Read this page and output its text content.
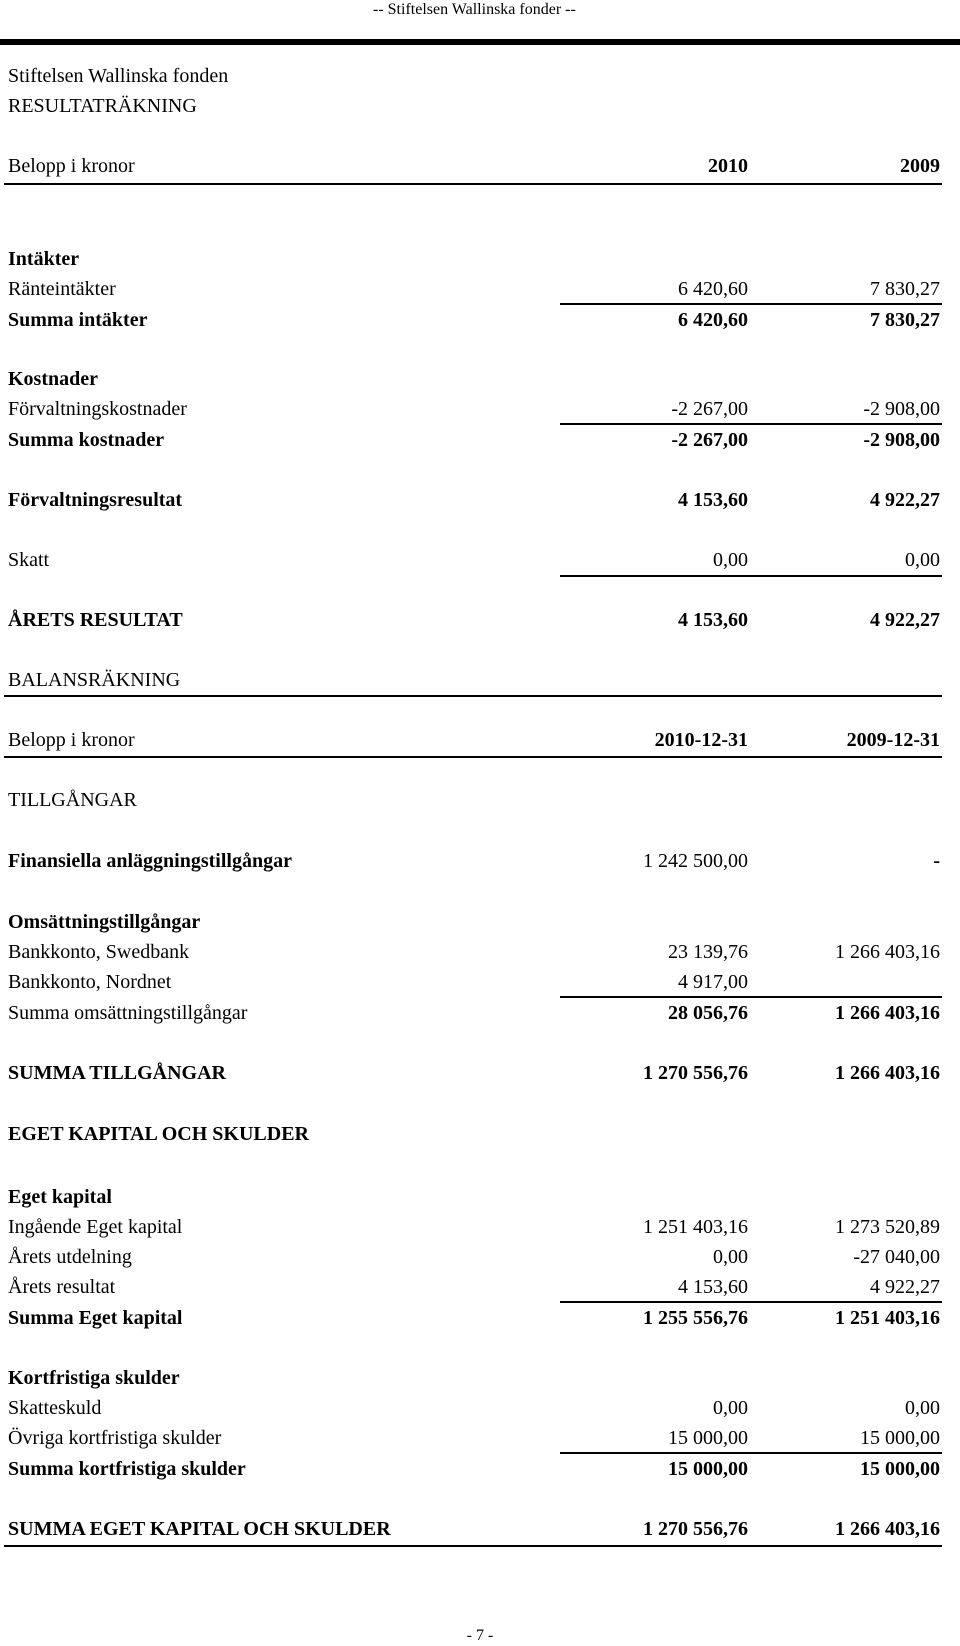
-- Stiftelsen Wallinska fonder --
Stiftelsen Wallinska fonden
RESULTATRÄKNING
Belopp i kronor	2010	2009
Intäkter
Ränteintäkter	6 420,60	7 830,27
Summa intäkter	6 420,60	7 830,27
Kostnader
Förvaltningskostnader	-2 267,00	-2 908,00
Summa kostnader	-2 267,00	-2 908,00
Förvaltningsresultat	4 153,60	4 922,27
Skatt	0,00	0,00
ÅRETS RESULTAT	4 153,60	4 922,27
BALANSRÄKNING
Belopp i kronor	2010-12-31	2009-12-31
TILLGÅNGAR
Finansiella anläggningstillgångar	1 242 500,00	-
Omsättningstillgångar
Bankkonto, Swedbank	23 139,76	1 266 403,16
Bankkonto, Nordnet	4 917,00
Summa omsättningstillgångar	28 056,76	1 266 403,16
SUMMA TILLGÅNGAR	1 270 556,76	1 266 403,16
EGET KAPITAL OCH SKULDER
Eget kapital
Ingående Eget kapital	1 251 403,16	1 273 520,89
Årets utdelning	0,00	-27 040,00
Årets resultat	4 153,60	4 922,27
Summa Eget kapital	1 255 556,76	1 251 403,16
Kortfristiga skulder
Skatteskuld	0,00	0,00
Övriga kortfristiga skulder	15 000,00	15 000,00
Summa kortfristiga skulder	15 000,00	15 000,00
SUMMA EGET KAPITAL OCH SKULDER	1 270 556,76	1 266 403,16
- 7 -
